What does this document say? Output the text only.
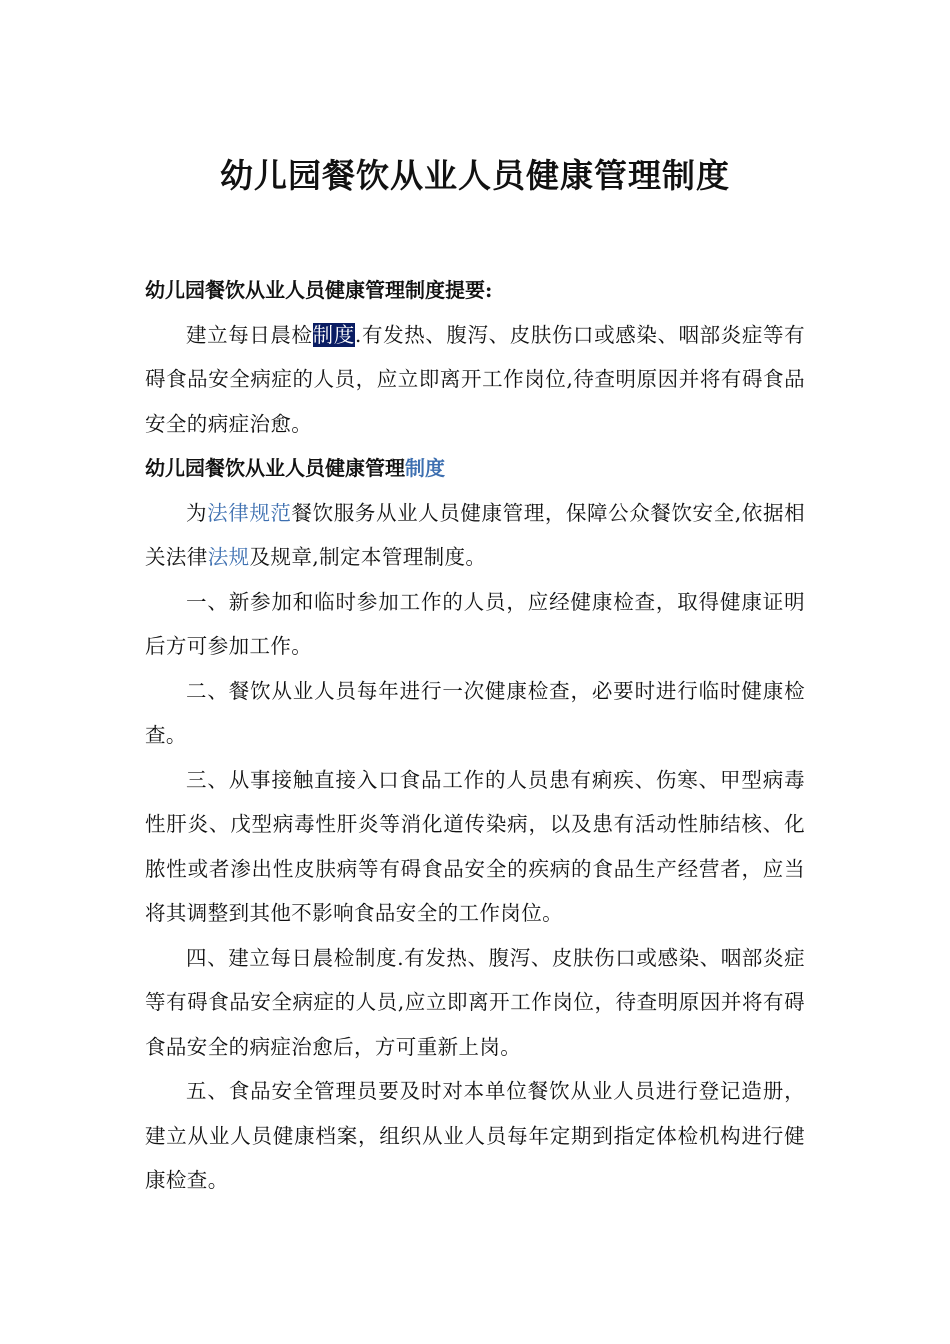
幼儿园餐饮从业人员健康管理制度

幼儿园餐饮从业人员健康管理制度提要:

建立每日晨检制度.有发热、腹泻、皮肤伤口或感染、咽部炎症等有碍食品安全病症的人员，应立即离开工作岗位,待查明原因并将有碍食品安全的病症治愈。

幼儿园餐饮从业人员健康管理制度

为法律规范餐饮服务从业人员健康管理，保障公众餐饮安全,依据相关法律法规及规章,制定本管理制度。

一、新参加和临时参加工作的人员，应经健康检查，取得健康证明后方可参加工作。

二、餐饮从业人员每年进行一次健康检查，必要时进行临时健康检查。

三、从事接触直接入口食品工作的人员患有痢疾、伤寒、甲型病毒性肝炎、戊型病毒性肝炎等消化道传染病，以及患有活动性肺结核、化脓性或者渗出性皮肤病等有碍食品安全的疾病的食品生产经营者，应当将其调整到其他不影响食品安全的工作岗位。

四、建立每日晨检制度.有发热、腹泻、皮肤伤口或感染、咽部炎症等有碍食品安全病症的人员,应立即离开工作岗位，待查明原因并将有碍食品安全的病症治愈后，方可重新上岗。

五、食品安全管理员要及时对本单位餐饮从业人员进行登记造册，建立从业人员健康档案，组织从业人员每年定期到指定体检机构进行健康检查。
